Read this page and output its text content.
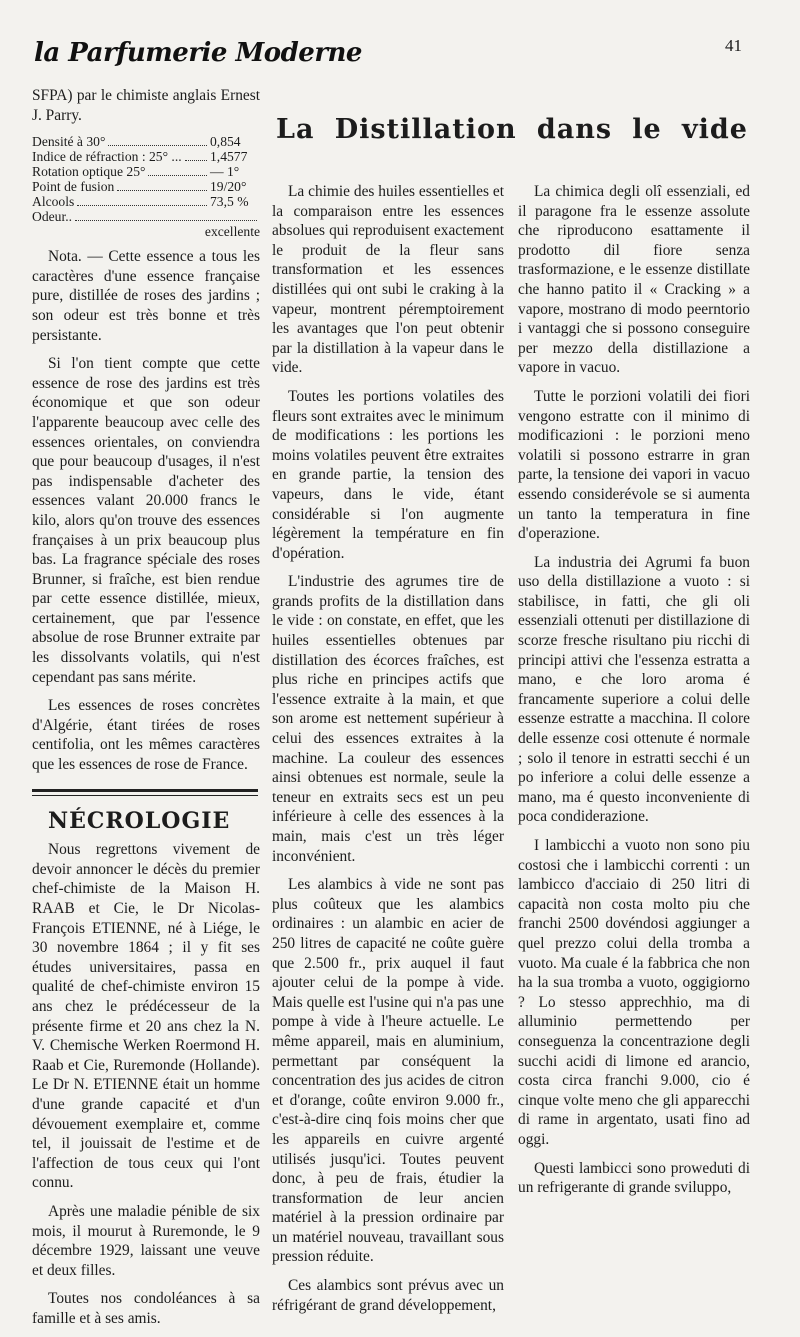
la Parfumerie Moderne	41
La Distillation dans le vide

SFPA) par le chimiste anglais Ernest J. Parry.

Densité à 30°	0,854
Indice de réfraction : 25° ... 1,4577
Rotation optique 25°	— 1°
Point de fusion	19/20°
Alcools	73,5 %
Odeur..
excellente

Nota. — Cette essence a tous les caractères d'une essence française pure, distillée de roses des jardins ; son odeur est très bonne et très persistante.

Si l'on tient compte que cette essence de rose des jardins est très économique et que son odeur l'apparente beaucoup avec celle des essences orientales, on conviendra que pour beaucoup d'usages, il n'est pas indispensable d'acheter des essences valant 20.000 francs le kilo, alors qu'on trouve des essences françaises à un prix beaucoup plus bas. La fragrance spéciale des roses Brunner, si fraîche, est bien rendue par cette essence distillée, mieux, certainement, que par l'essence absolue de rose Brunner extraite par les dissolvants volatils, qui n'est cependant pas sans mérite.

Les essences de roses concrètes d'Algérie, étant tirées de roses centifolia, ont les mêmes caractères que les essences de rose de France.

NÉCROLOGIE

Nous regrettons vivement de devoir annoncer le décès du premier chef-chimiste de la Maison H. RAAB et Cie, le Dr Nicolas-François ETIENNE, né à Liége, le 30 novembre 1864 ; il y fit ses études universitaires, passa en qualité de chef-chimiste environ 15 ans chez le prédécesseur de la présente firme et 20 ans chez la N. V. Chemische Werken Roermond H. Raab et Cie, Ruremonde (Hollande). Le Dr N. ETIENNE était un homme d'une grande capacité et d'un dévouement exemplaire et, comme tel, il jouissait de l'estime et de l'affection de tous ceux qui l'ont connu.

Après une maladie pénible de six mois, il mourut à Ruremonde, le 9 décembre 1929, laissant une veuve et deux filles.

Toutes nos condoléances à sa famille et à ses amis.

La chimie des huiles essentielles et la comparaison entre les essences absolues qui reproduisent exactement le produit de la fleur sans transformation et les essences distillées qui ont subi le craking à la vapeur, montrent péremptoirement les avantages que l'on peut obtenir par la distillation à la vapeur dans le vide.

Toutes les portions volatiles des fleurs sont extraites avec le minimum de modifications : les portions les moins volatiles peuvent être extraites en grande partie, la tension des vapeurs, dans le vide, étant considérable si l'on augmente légèrement la température en fin d'opération.

L'industrie des agrumes tire de grands profits de la distillation dans le vide : on constate, en effet, que les huiles essentielles obtenues par distillation des écorces fraîches, est plus riche en principes actifs que l'essence extraite à la main, et que son arome est nettement supérieur à celui des essences extraites à la machine. La couleur des essences ainsi obtenues est normale, seule la teneur en extraits secs est un peu inférieure à celle des essences à la main, mais c'est un très léger inconvénient.

Les alambics à vide ne sont pas plus coûteux que les alambics ordinaires : un alambic en acier de 250 litres de capacité ne coûte guère que 2.500 fr., prix auquel il faut ajouter celui de la pompe à vide. Mais quelle est l'usine qui n'a pas une pompe à vide à l'heure actuelle. Le même appareil, mais en aluminium, permettant par conséquent la concentration des jus acides de citron et d'orange, coûte environ 9.000 fr., c'est-à-dire cinq fois moins cher que les appareils en cuivre argenté utilisés jusqu'ici. Toutes peuvent donc, à peu de frais, étudier la transformation de leur ancien matériel à la pression ordinaire par un matériel nouveau, travaillant sous pression réduite.

Ces alambics sont prévus avec un réfrigérant de grand développement,

La chimica degli olî essenziali, ed il paragone fra le essenze assolute che riproducono esattamente il prodotto dil fiore senza trasformazione, e le essenze distillate che hanno patito il « Cracking » a vapore, mostrano di modo peerntorio i vantaggi che si possono conseguire per mezzo della distillazione a vapore in vacuo.

Tutte le porzioni volatili dei fiori vengono estratte con il minimo di modificazioni : le porzioni meno volatili si possono estrarre in gran parte, la tensione dei vapori in vacuo essendo considerévole se si aumenta un tanto la temperatura in fine d'operazione.

La industria dei Agrumi fa buon uso della distillazione a vuoto : si stabilisce, in fatti, che gli oli essenziali ottenuti per distillazione di scorze fresche risultano piu ricchi di principi attivi che l'essenza estratta a mano, e che loro aroma é francamente superiore a colui delle essenze estratte a macchina. Il colore delle essenze cosi ottenute é normale ; solo il tenore in estratti secchi é un po inferiore a colui delle essenze a mano, ma é questo inconveniente di poca condiderazione.

I lambicchi a vuoto non sono piu costosi che i lambicchi correnti : un lambicco d'acciaio di 250 litri di capacità non costa molto piu che franchi 2500 dovéndosi aggiunger a quel prezzo colui della tromba a vuoto. Ma cuale é la fabbrica che non ha la sua tromba a vuoto, oggigiorno ? Lo stesso apprechhio, ma di alluminio permettendo per conseguenza la concentrazione degli succhi acidi di limone ed arancio, costa circa franchi 9.000, cio é cinque volte meno che gli apparecchi di rame in argentato, usati fino ad oggi.

Questi lambicci sono proweduti di un refrigerante di grande sviluppo,
